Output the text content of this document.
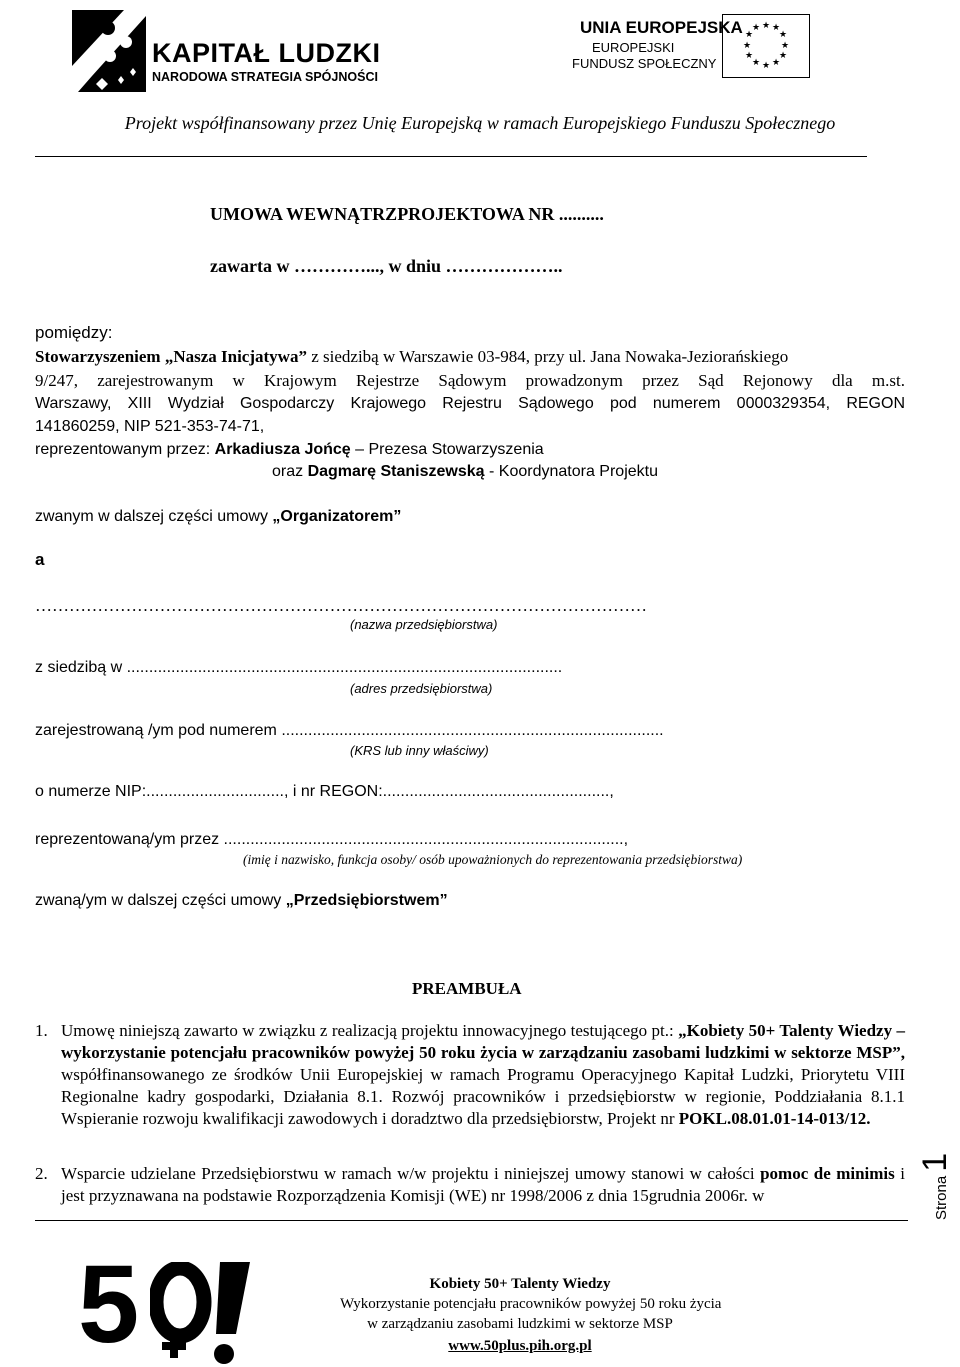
KAPITAŁ LUDZKI
NARODOWA STRATEGIA SPÓJNOŚCI
UNIA EUROPEJSKA
EUROPEJSKI
FUNDUSZ SPOŁECZNY
★ ★
★
★
★
★
★
★
★
★
★
★
Projekt współfinansowany przez Unię Europejską w ramach Europejskiego Funduszu Społecznego
UMOWA WEWNĄTRZPROJEKTOWA NR ..........
zawarta w …………..., w dniu ………………..
pomiędzy:
Stowarzyszeniem „Nasza Inicjatywa” z siedzibą w Warszawie 03-984, przy ul. Jana Nowaka-Jeziorańskiego
9/247, zarejestrowanym w Krajowym Rejestrze Sądowym prowadzonym przez Sąd Rejonowy dla m.st.
Warszawy, XIII Wydział Gospodarczy Krajowego Rejestru Sądowego pod numerem 0000329354, REGON
141860259, NIP 521-353-74-71,
reprezentowanym przez: Arkadiusza Jońcę – Prezesa Stowarzyszenia
oraz Dagmarę Staniszewską - Koordynatora Projektu
zwanym w dalszej części umowy „Organizatorem”
a
………………………………………………………………………………………………
(nazwa przedsiębiorstwa)
z siedzibą w ..................................................................................................
(adres przedsiębiorstwa)
zarejestrowaną /ym pod numerem ......................................................................................
(KRS lub inny właściwy)
o numerze NIP:..............................., i nr REGON:...................................................,
reprezentowaną/ym przez ..........................................................................................,
(imię i nazwisko, funkcja osoby/ osób upoważnionych do reprezentowania przedsiębiorstwa)
zwaną/ym w dalszej części umowy „Przedsiębiorstwem”
PREAMBUŁA
1. Umowę niniejszą zawarto w związku z realizacją projektu innowacyjnego testującego pt.: „Kobiety 50+ Talenty Wiedzy – wykorzystanie potencjału pracowników powyżej 50 roku życia w zarządzaniu zasobami ludzkimi w sektorze MSP”, współfinansowanego ze środków Unii Europejskiej w ramach Programu Operacyjnego Kapitał Ludzki, Priorytetu VIII Regionalne kadry gospodarki, Działania 8.1. Rozwój pracowników i przedsiębiorstw w regionie, Poddziałania 8.1.1 Wspieranie rozwoju kwalifikacji zawodowych i doradztwo dla przedsiębiorstw, Projekt nr POKL.08.01.01-14-013/12.
2. Wsparcie udzielane Przedsiębiorstwu w ramach w/w projektu i niniejszej umowy stanowi w całości pomoc de minimis i jest przyznawana na podstawie Rozporządzenia Komisji (WE) nr 1998/2006 z dnia 15grudnia 2006r. w	Strona 1
5	Kobiety 50+ Talenty Wiedzy
Wykorzystanie potencjału pracowników powyżej 50 roku życia
w zarządzaniu zasobami ludzkimi w sektorze MSP
www.50plus.pih.org.pl
